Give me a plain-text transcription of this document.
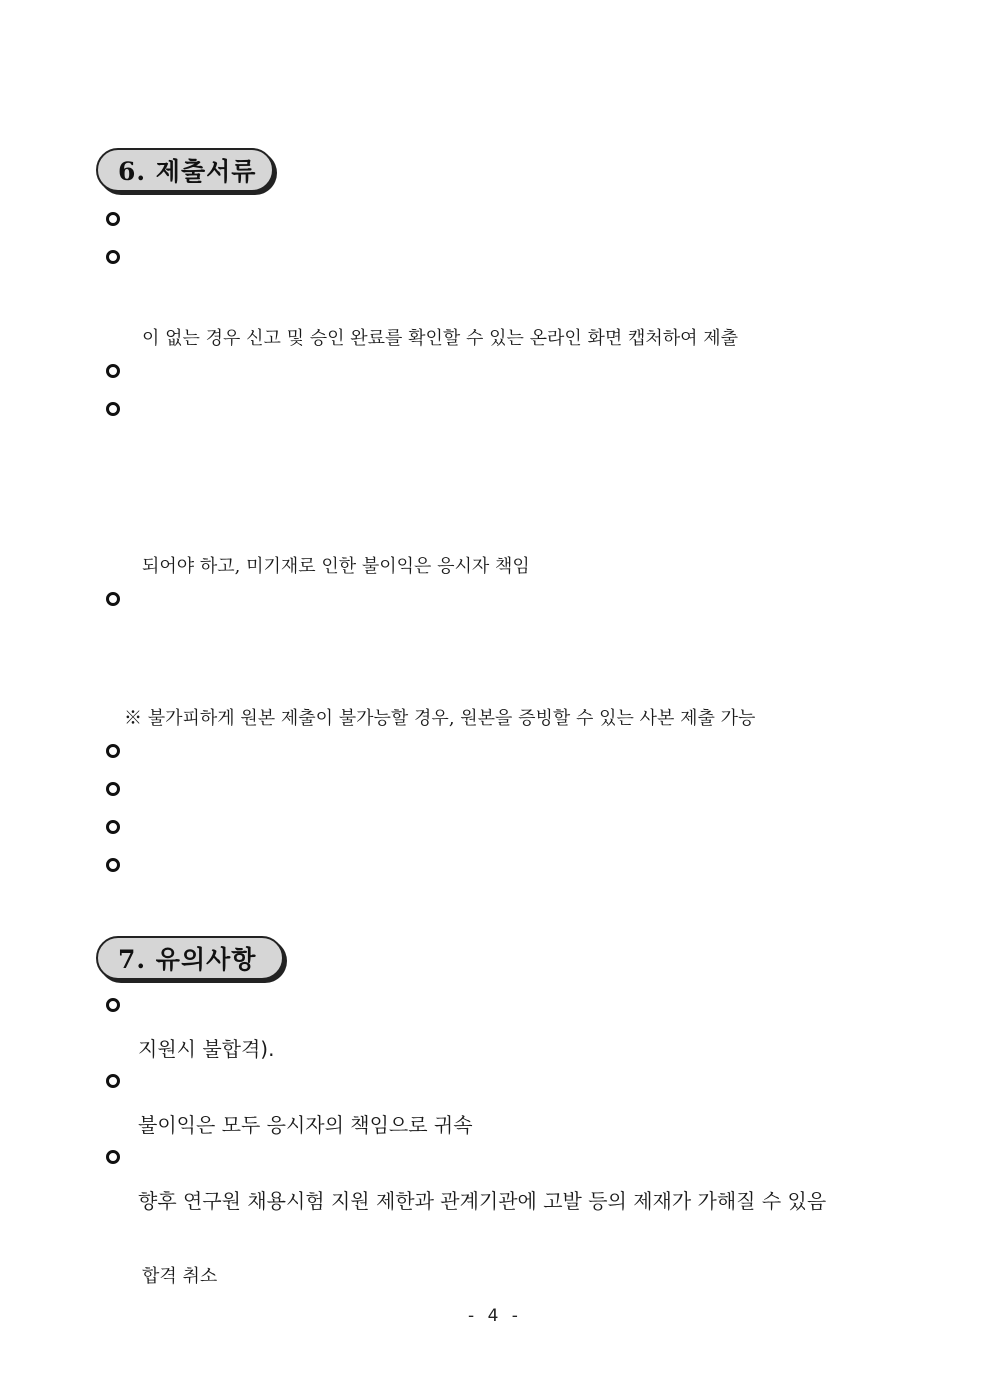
6. 제출서류
이 없는 경우 신고 및 승인 완료를 확인할 수 있는 온라인 화면 캡처하여 제출
되어야 하고, 미기재로 인한 불이익은 응시자 책임
※ 불가피하게 원본 제출이 불가능할 경우, 원본을 증빙할 수 있는 사본 제출 가능
7. 유의사항
지원시 불합격).
불이익은 모두 응시자의 책임으로 귀속
향후 연구원 채용시험 지원 제한과 관계기관에 고발 등의 제재가 가해질 수 있음
합격 취소
- 4 -
